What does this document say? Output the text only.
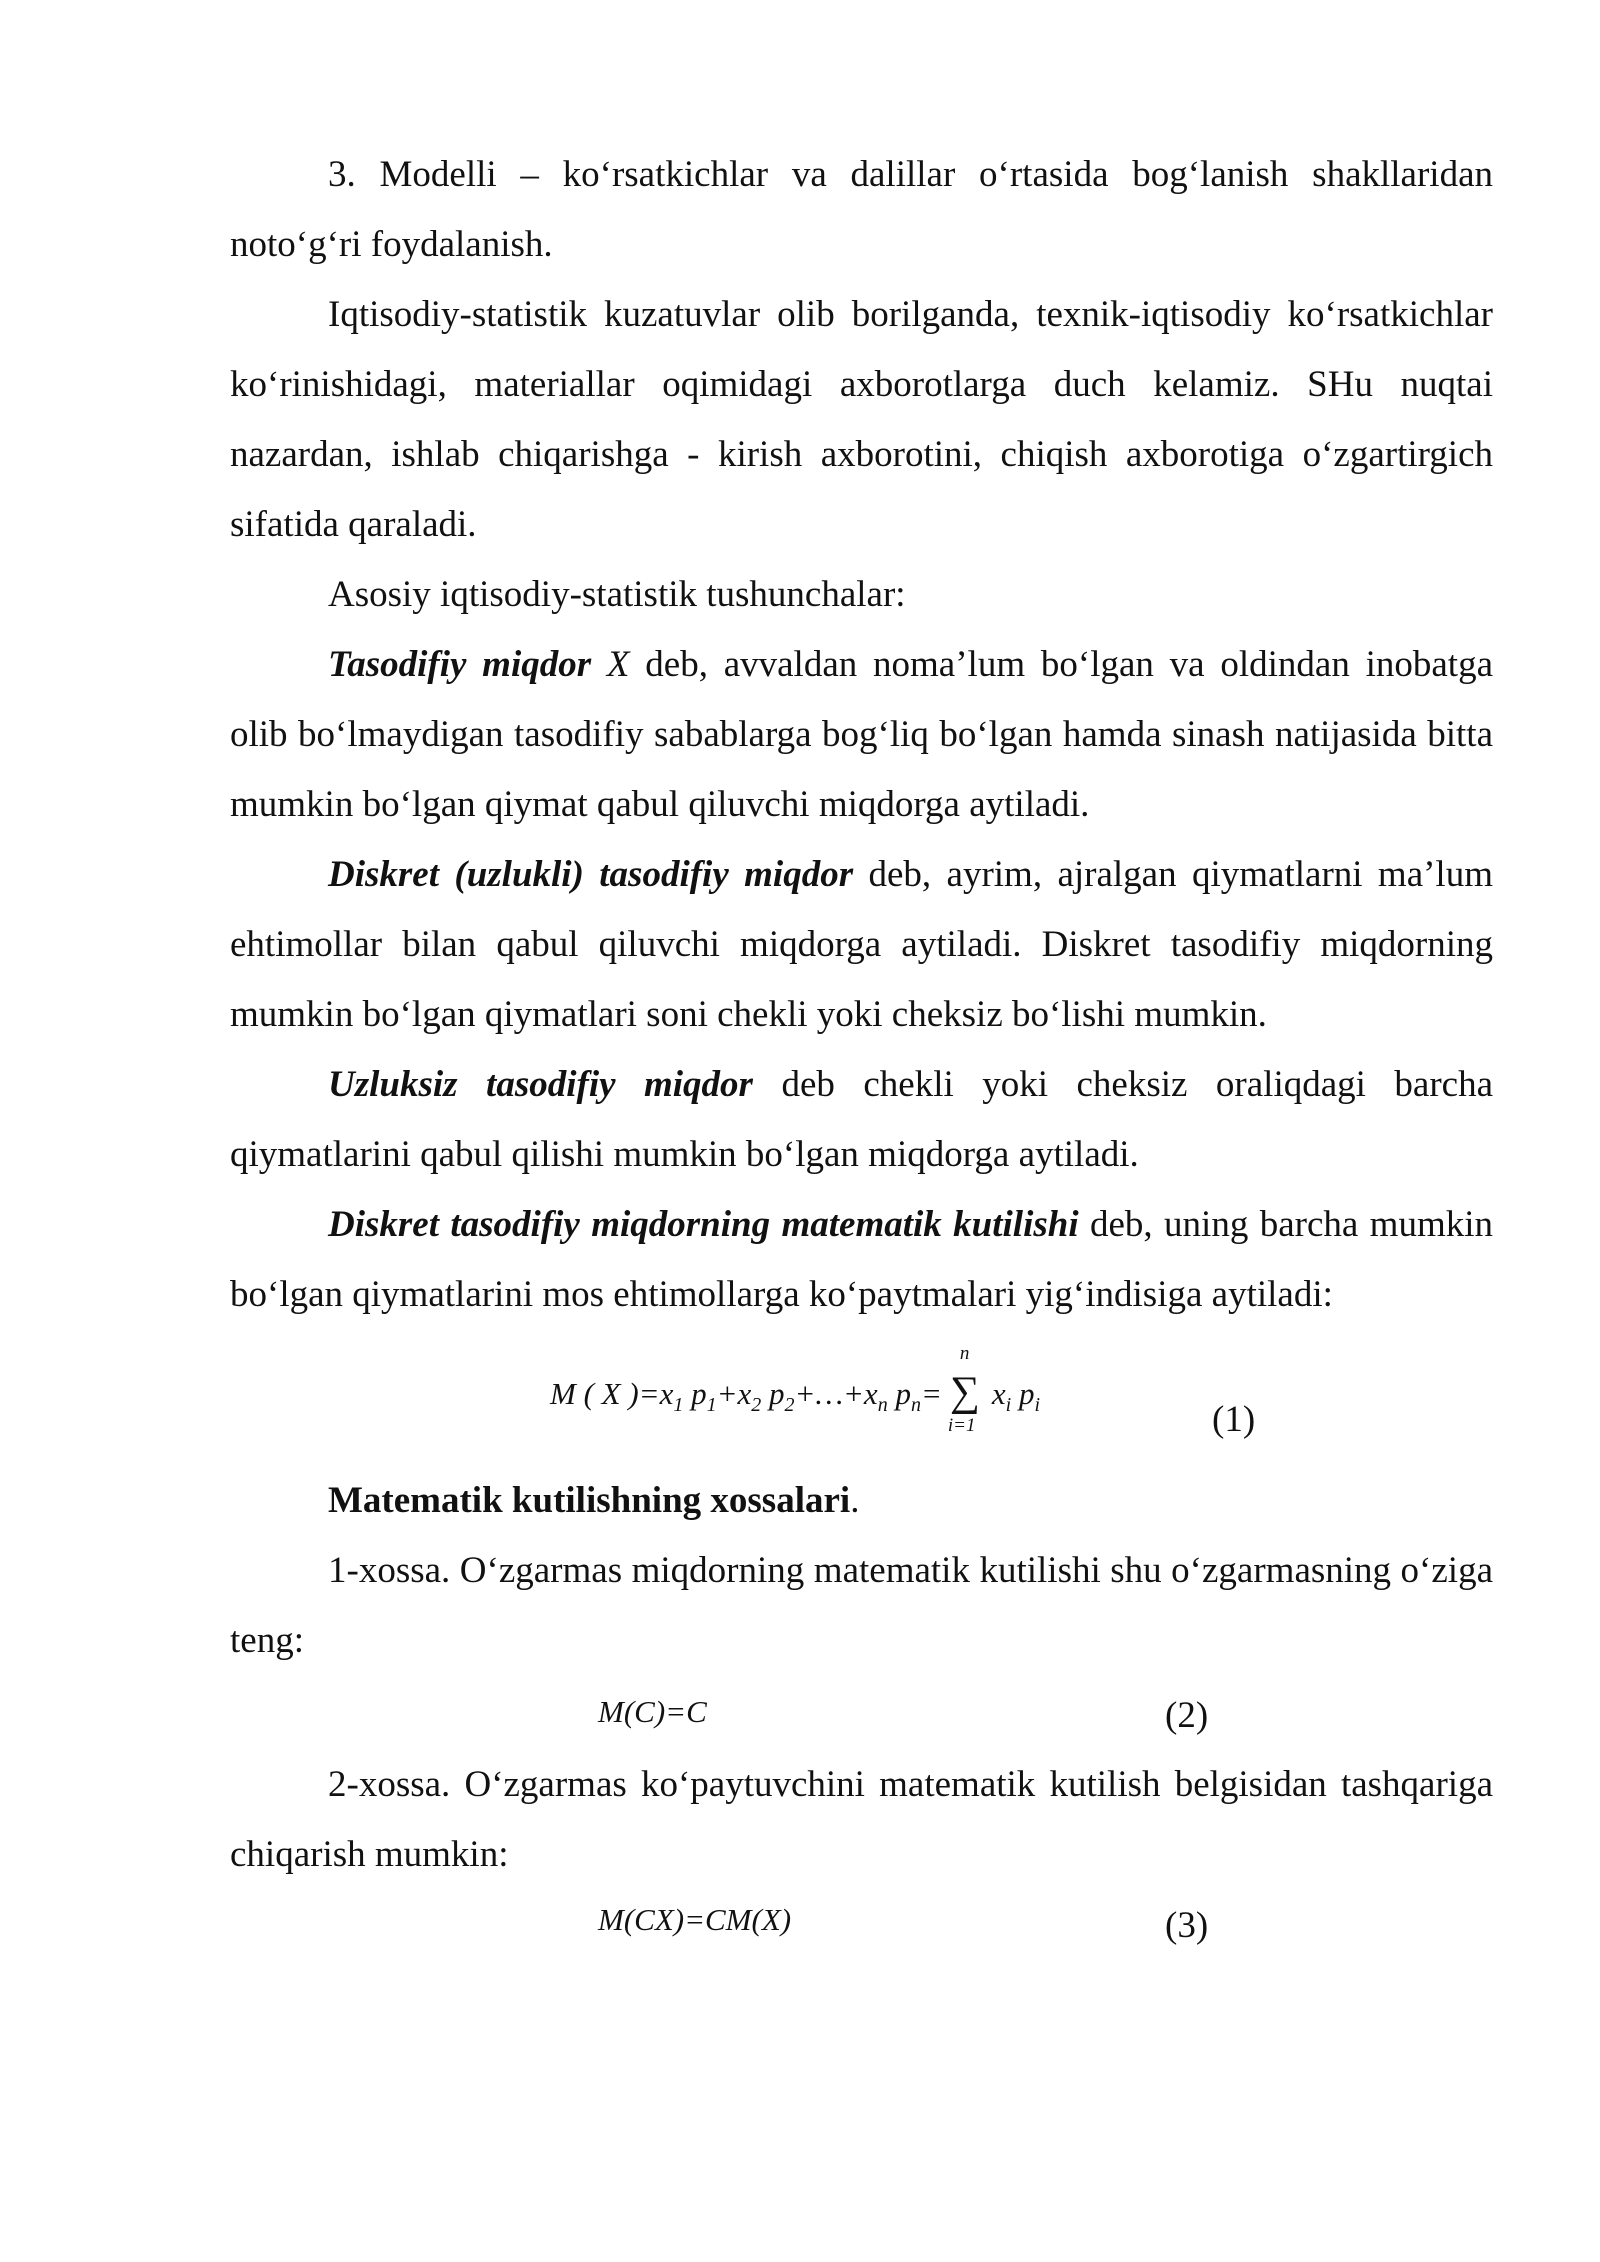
3. Modelli – ko‘rsatkichlar va dalillar o‘rtasida bog‘lanish shakllaridan noto‘g‘ri foydalanish.

Iqtisodiy-statistik kuzatuvlar olib borilganda, texnik-iqtisodiy ko‘rsatkichlar ko‘rinishidagi, materiallar oqimidagi axborotlarga duch kelamiz. SHu nuqtai nazardan, ishlab chiqarishga - kirish axborotini, chiqish axborotiga o‘zgartirgich sifatida qaraladi.

Asosiy iqtisodiy-statistik tushunchalar:

Tasodifiy miqdor X deb, avvaldan noma’lum bo‘lgan va oldindan inobatga olib bo‘lmaydigan tasodifiy sabablarga bog‘liq bo‘lgan hamda sinash natijasida bitta mumkin bo‘lgan qiymat qabul qiluvchi miqdorga aytiladi.

Diskret (uzlukli) tasodifiy miqdor deb, ayrim, ajralgan qiymatlarni ma’lum ehtimollar bilan qabul qiluvchi miqdorga aytiladi. Diskret tasodifiy miqdorning mumkin bo‘lgan qiymatlari soni chekli yoki cheksiz bo‘lishi mumkin.

Uzluksiz tasodifiy miqdor deb chekli yoki cheksiz oraliqdagi barcha qiymatlarini qabul qilishi mumkin bo‘lgan miqdorga aytiladi.

Diskret tasodifiy miqdorning matematik kutilishi deb, uning barcha mumkin bo‘lgan qiymatlarini mos ehtimollarga ko‘paytmalari yig‘indisiga aytiladi:

M ( X )$=x_1$ $p_1+x_2$ $p_2+\dots+x_n$ $p_n=$
n
∑
i=1
$x_i$ $p_i$	(1)

Matematik kutilishning xossalari.

1-xossa. O‘zgarmas miqdorning matematik kutilishi shu o‘zgarmasning o‘ziga teng:

M(C)=C	(2)

2-xossa. O‘zgarmas ko‘paytuvchini matematik kutilish belgisidan tashqariga chiqarish mumkin:

M(CX)=CM(X)	(3)
